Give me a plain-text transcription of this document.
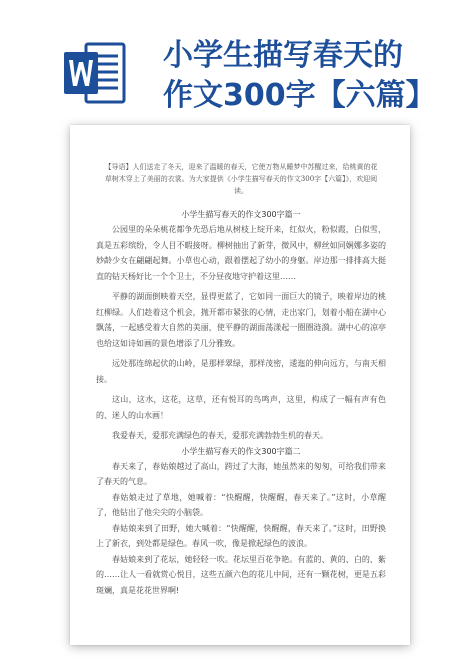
小学生描写春天的
作文300字【六篇】
【导语】人们送走了冬天，迎来了温暖的春天，它使万物从睡梦中苏醒过来，给桃黄的花草树木穿上了美丽的衣裳。为大家提供《小学生描写春天的作文300字【六篇】》，欢迎阅读。
小学生描写春天的作文300字篇一
公园里的朵朵桃花都争先恐后地从树枝上绽开来，红似火，粉似霞，白似雪，真是五彩缤纷，令人目不暇接呀。柳树抽出了新芽，微风中，柳丝如同娴娜多姿的妙龄少女在翩翩起舞。小草也心动，跟着摆起了幼小的身躯。岸边那一排排高大挺直的钻天杨好比一个个卫士，不分昼夜地守护着这里……
平静的湖面倒映着天空，显得更蓝了，它如同一面巨大的镜子，映着岸边的桃红柳绿。人们趁着这个机会，抛开都市紧张的心情，走出家门，划着小船在湖中心飘荡，一起感受着大自然的美丽，使平静的湖面荡漾起一圈圈涟漪。湖中心的凉亭也给这如诗如画的景色增添了几分雅致。
远处那连绵起伏的山岭，是那样翠绿，那样茂密，逶迤的伸向远方，与南天相接。
这山，这水，这花，这草，还有悦耳的鸟鸣声，这里，构成了一幅有声有色的、迷人的山水画！
我爱春天，爱那充满绿色的春天，爱那充满勃勃生机的春天。
小学生描写春天的作文300字篇二
春天来了，春姑娘越过了高山，跨过了大海，她虽然来的匆匆，可给我们带来了春天的气息。
春姑娘走过了草地，她喊着：“快醒醒，快醒醒，春天来了。”这时，小草醒了，他钻出了他尖尖的小脑袋。
春姑娘来到了田野，她大喊着：“快醒醒，快醒醒，春天来了。”这时，田野换上了新衣，到处都是绿色。春风一吹，像是掀起绿色的波浪。
春姑娘来到了花坛，她轻轻一吹。花坛里百花争艳。有蓝的、黄的、白的、紫的……让人一看就赏心悦目，这些五颜六色的花儿中间，还有一颗花树，更是五彩斑斓，真是花花世界啊!
